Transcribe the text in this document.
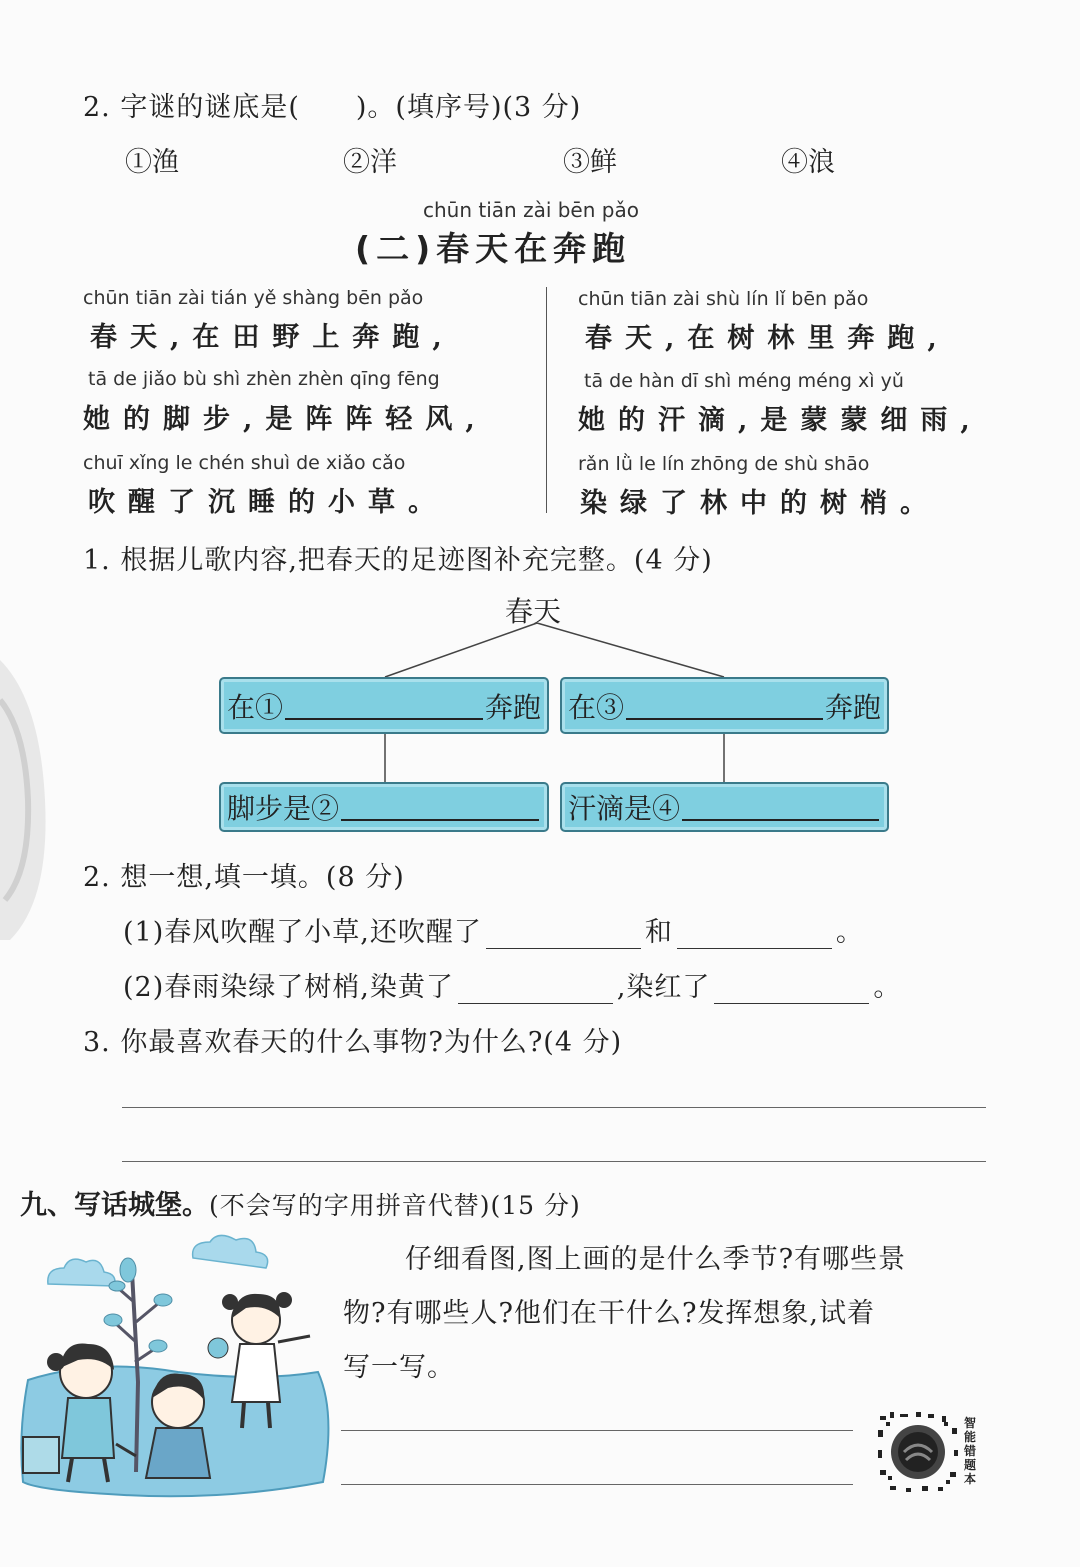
2. 字谜的谜底是(　　)。(填序号)(3 分)
①渔	②洋	③鲜	④浪
chūn tiān zài bēn pǎo
(二)春天在奔跑
chūn tiān zài tián yě shàng bēn pǎo
春天,在田野上奔跑,
tā de jiǎo bù shì zhèn zhèn qīng fēng
她的脚步,是阵阵轻风,
chuī xǐng le chén shuì de xiǎo cǎo
吹醒了沉睡的小草。
chūn tiān zài shù lín lǐ bēn pǎo
春天,在树林里奔跑,
tā de hàn dī shì méng méng xì yǔ
她的汗滴,是蒙蒙细雨,
rǎn lǜ le lín zhōng de shù shāo
染绿了林中的树梢。
1. 根据儿歌内容,把春天的足迹图补充完整。(4 分)
春天
在①	奔跑 在③	奔跑
脚步是②	汗滴是④
2. 想一想,填一填。(8 分)
(1)春风吹醒了小草,还吹醒了	和	。
(2)春雨染绿了树梢,染黄了	,染红了	。
3. 你最喜欢春天的什么事物?为什么?(4 分)
九、写话城堡。(不会写的字用拼音代替)(15 分)
仔细看图,图上画的是什么季节?有哪些景
物?有哪些人?他们在干什么?发挥想象,试着
写一写。
智能错题本
